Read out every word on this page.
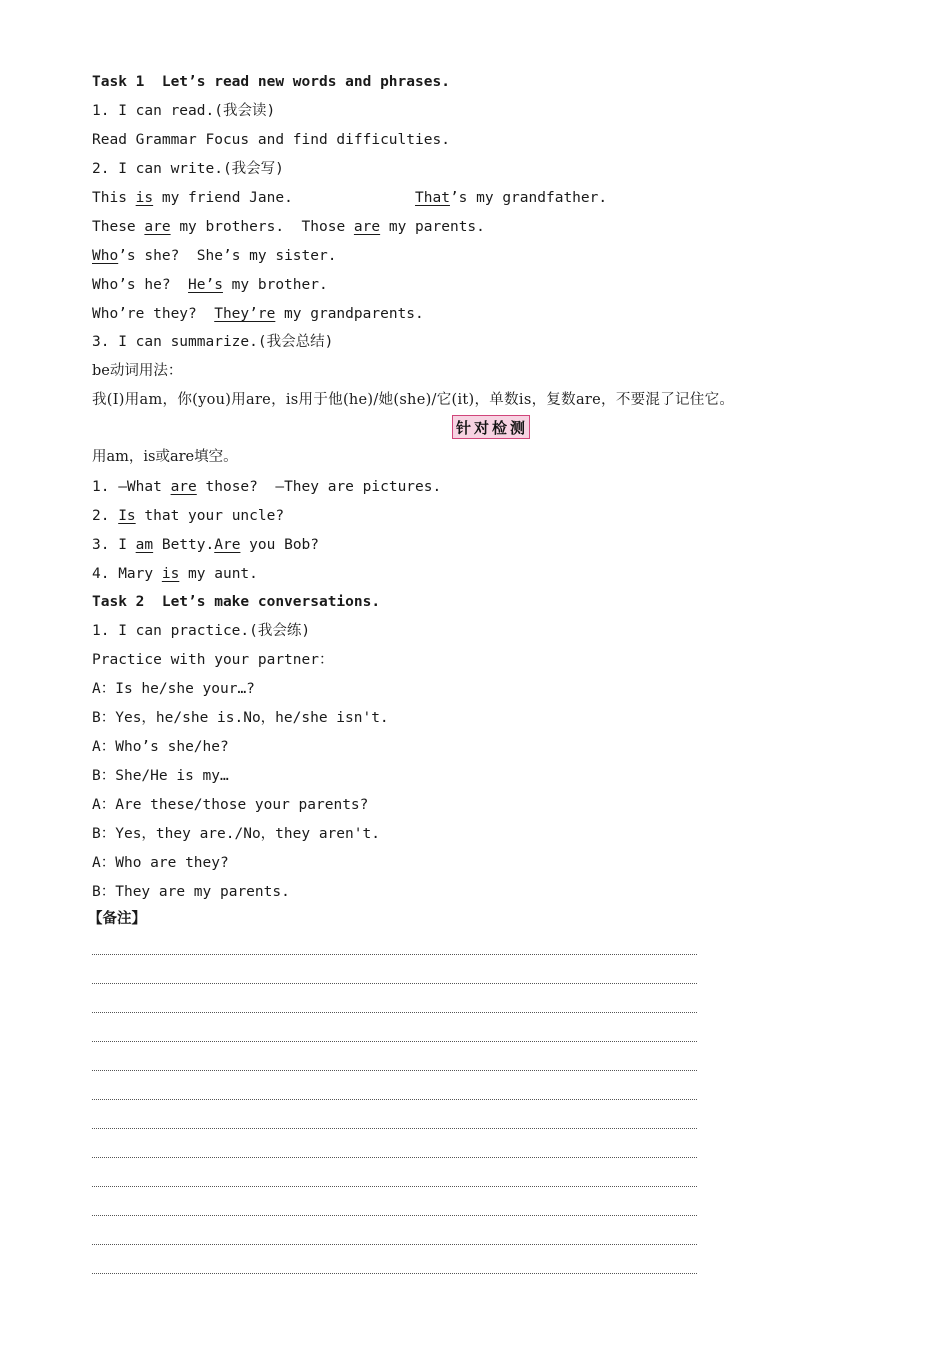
Task 1  Let’s read new words and phrases.
1. I can read.(我会读)
Read Grammar Focus and find difficulties.
2. I can write.(我会写)
This is my friend Jane.	That’s my grandfather.
These are my brothers.  Those are my parents.
Who’s she?  She’s my sister.
Who’s he?  He’s my brother.
Who’re they?  They’re my grandparents.
3. I can summarize.(我会总结)
be动词用法：
我(I)用am，你(you)用are，is用于他(he)/她(she)/它(it)，单数is，复数are，不要混了记住它。
针 对 检 测
用am，is或are填空。
1. —What are those?  —They are pictures.
2. Is that your uncle?
3. I am Betty.Are you Bob?
4. Mary is my aunt.
Task 2  Let’s make conversations.
1. I can practice.(我会练)
Practice with your partner：
A：Is he/she your…?
B：Yes，he/she is.No，he/she isn't.
A：Who’s she/he?
B：She/He is my…
A：Are these/those your parents?
B：Yes，they are./No，they aren't.
A：Who are they?
B：They are my parents.
【备注】
